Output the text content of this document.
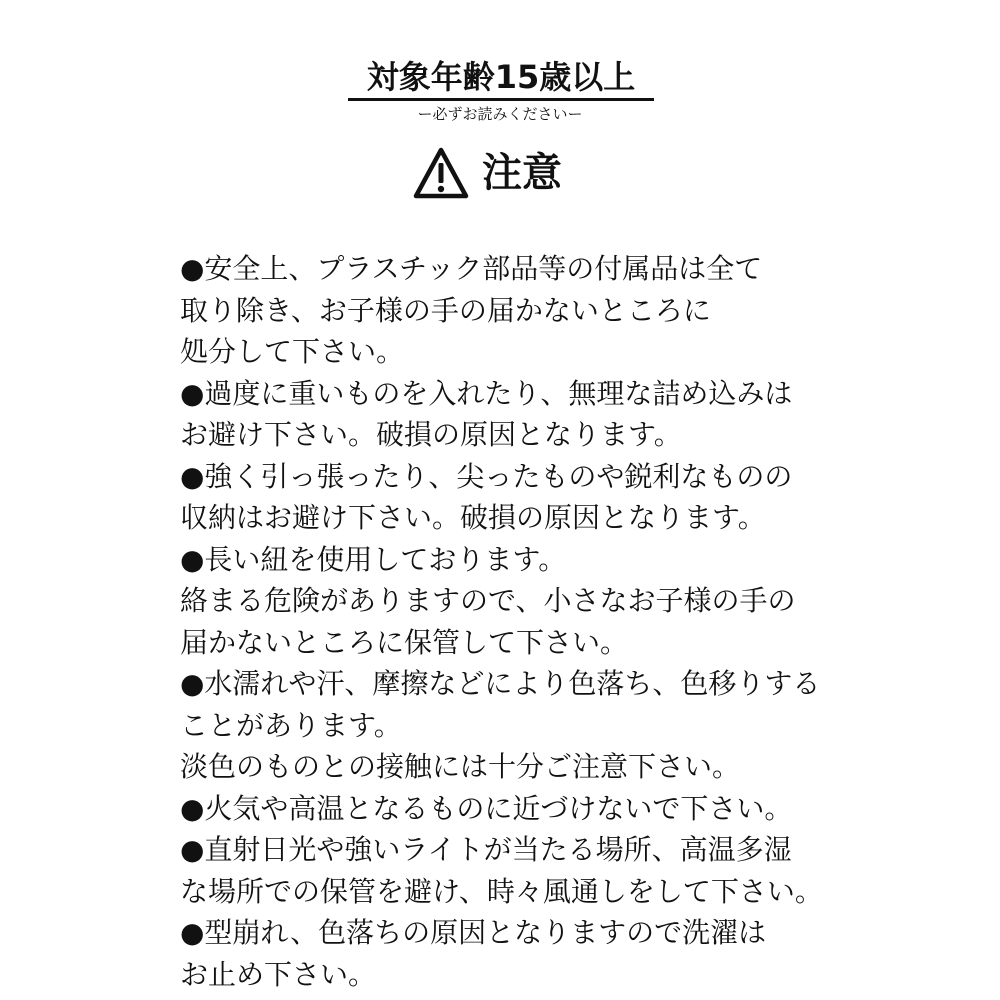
対象年齢15歳以上
ー必ずお読みくださいー
注意
●安全上、プラスチック部品等の付属品は全て
取り除き、お子様の手の届かないところに
処分して下さい。
●過度に重いものを入れたり、無理な詰め込みは
お避け下さい。破損の原因となります。
●強く引っ張ったり、尖ったものや鋭利なものの
収納はお避け下さい。破損の原因となります。
●長い紐を使用しております。
絡まる危険がありますので、小さなお子様の手の
届かないところに保管して下さい。
●水濡れや汗、摩擦などにより色落ち、色移りする
ことがあります。
淡色のものとの接触には十分ご注意下さい。
●火気や高温となるものに近づけないで下さい。
●直射日光や強いライトが当たる場所、高温多湿
な場所での保管を避け、時々風通しをして下さい。
●型崩れ、色落ちの原因となりますので洗濯は
お止め下さい。
